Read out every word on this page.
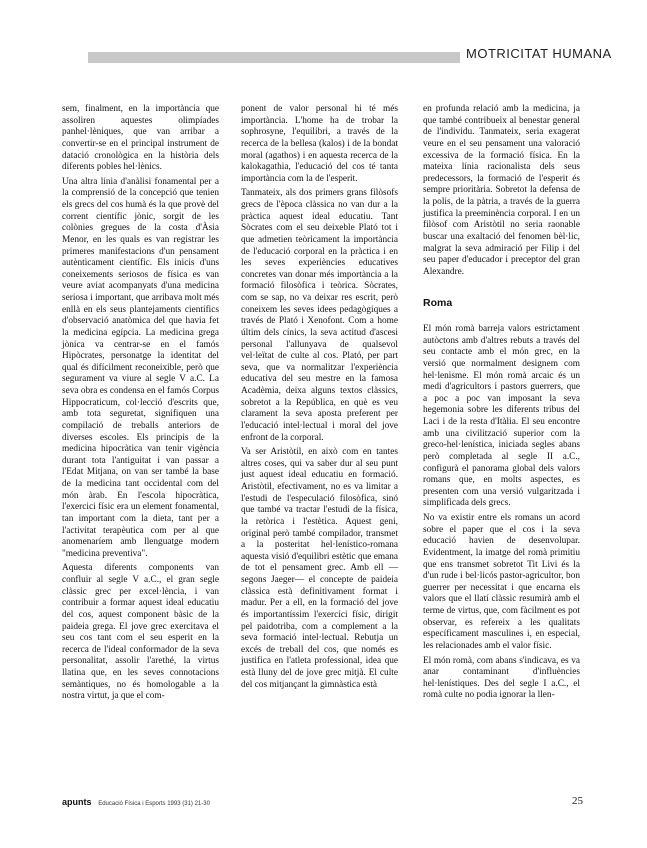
MOTRICITAT HUMANA

sem, finalment, en la importància que assoliren aquestes olimpíades panhel·lèniques, que van arribar a convertir-se en el principal instrument de datació cronològica en la història dels diferents pobles hel·lènics.

Una altra línia d'anàlisi fonamental per a la comprensió de la concepció que tenien els grecs del cos humà és la que provè del corrent científic jònic, sorgit de les colònies gregues de la costa d'Àsia Menor, en les quals es van registrar les primeres manifestacions d'un pensament autènticament científic. Els inicis d'uns coneixements seriosos de física es van veure aviat acompanyats d'una medicina seriosa i important, que arribava molt més enllà en els seus plantejaments científics d'observació anatòmica del que havia fet la medicina egípcia. La medicina grega jònica va centrar-se en el famós Hipòcrates, personatge la identitat del qual és difícilment reconeixible, però que segurament va viure al segle V a.C. La seva obra es condensa en el famós Corpus Hippocraticum, col·lecció d'escrits que, amb tota seguretat, signifiquen una compilació de treballs anteriors de diverses escoles. Els principis de la medicina hipocràtica van tenir vigència durant tota l'antiguitat i van passar a l'Edat Mitjana, on van ser també la base de la medicina tant occidental com del món àrab. En l'escola hipocràtica, l'exercici físic era un element fonamental, tan important com la dieta, tant per a l'activitat terapèutica com per al que anomenaríem amb llenguatge modern "medicina preventiva".

Aquesta diferents components van confluir al segle V a.C., el gran segle clàssic grec per excel·lència, i van contribuir a formar aquest ideal educatiu del cos, aquest component bàsic de la paideia grega. El jove grec exercitava el seu cos tant com el seu esperit en la recerca de l'ideal conformador de la seva personalitat, assolir l'arethé, la virtus llatina que, en les seves connotacions semàntiques, no és homologable a la nostra virtut, ja que el com-

ponent de valor personal hi té més importància. L'home ha de trobar la sophrosyne, l'equilibri, a través de la recerca de la bellesa (kalos) i de la bondat moral (agathos) i en aquesta recerca de la kalokagathia, l'educació del cos té tanta importància com la de l'esperit.

Tanmateix, als dos primers grans filòsofs grecs de l'època clàssica no van dur a la pràctica aquest ideal educatiu. Tant Sòcrates com el seu deixeble Plató tot i que admetien teòricament la importància de l'educació corporal en la pràctica i en les seves experiències educatives concretes van donar més importància a la formació filosòfica i teòrica. Sòcrates, com se sap, no va deixar res escrit, però coneixem les seves idees pedagògiques a través de Plató i Xenofont. Com a home últim dels cínics, la seva actitud d'ascesi personal l'allunyava de qualsevol vel·leïtat de culte al cos. Plató, per part seva, que va normalitzar l'experiència educativa del seu mestre en la famosa Acadèmia, deixa alguns textos clàssics, sobretot a la República, en què es veu clarament la seva aposta preferent per l'educació intel·lectual i moral del jove enfront de la corporal.

Va ser Aristòtil, en això com en tantes altres coses, qui va saber dur al seu punt just aquest ideal educatiu en formació. Aristòtil, efectivament, no es va limitar a l'estudi de l'especulació filosòfica, sinó que també va tractar l'estudi de la física, la retòrica i l'estètica. Aquest geni, original però també compilador, transmet a la posteritat hel·lenístico-romana aquesta visió d'equilibri estètic que emana de tot el pensament grec. Amb ell —segons Jaeger— el concepte de paideia clàssica està definitivament format i madur. Per a ell, en la formació del jove és importantíssim l'exercici físic, dirigit pel paidotriba, com a complement a la seva formació intel·lectual. Rebutja un excés de treball del cos, que només es justifica en l'atleta professional, idea que està lluny del de jove grec mitjà. El culte del cos mitjançant la gimnàstica està

en profunda relació amb la medicina, ja que també contribueix al benestar general de l'individu. Tanmateix, seria exagerat veure en el seu pensament una valoració excessiva de la formació física. En la mateixa línia racionalista dels seus predecessors, la formació de l'esperit és sempre prioritària. Sobretot la defensa de la polis, de la pàtria, a través de la guerra justifica la preeminència corporal. I en un filòsof com Aristòtil no seria raonable buscar una exaltació del fenomen bèl·lic, malgrat la seva admiració per Filip i del seu paper d'educador i preceptor del gran Alexandre.

Roma

El món romà barreja valors estrictament autòctons amb d'altres rebuts a través del seu contacte amb el món grec, en la versió que normalment designem com hel·lenisme. El món romà arcaic és un medi d'agricultors i pastors guerrers, que a poc a poc van imposant la seva hegemonia sobre les diferents tribus del Laci i de la resta d'Itàlia. El seu encontre amb una civilització superior com la greco-hel·lenística, iniciada segles abans però completada al segle II a.C., configurà el panorama global dels valors romans que, en molts aspectes, es presenten com una versió vulgaritzada i simplificada dels grecs.

No va existir entre els romans un acord sobre el paper que el cos i la seva educació havien de desenvolupar. Evidentment, la imatge del romà primitiu que ens transmet sobretot Tit Livi és la d'un rude i bel·licós pastor-agricultor, bon guerrer per necessitat i que encarna els valors que el llatí clàssic resumirà amb el terme de virtus, que, com fàcilment es pot observar, es refereix a les qualitats específicament masculines i, en especial, les relacionades amb el valor físic.

El món romà, com abans s'indicava, es va anar contaminant d'influències hel·lenístiques. Des del segle I a.C., el romà culte no podia ignorar la llen-

apunts Educació Física i Esports 1993 (31) 21-30	25
